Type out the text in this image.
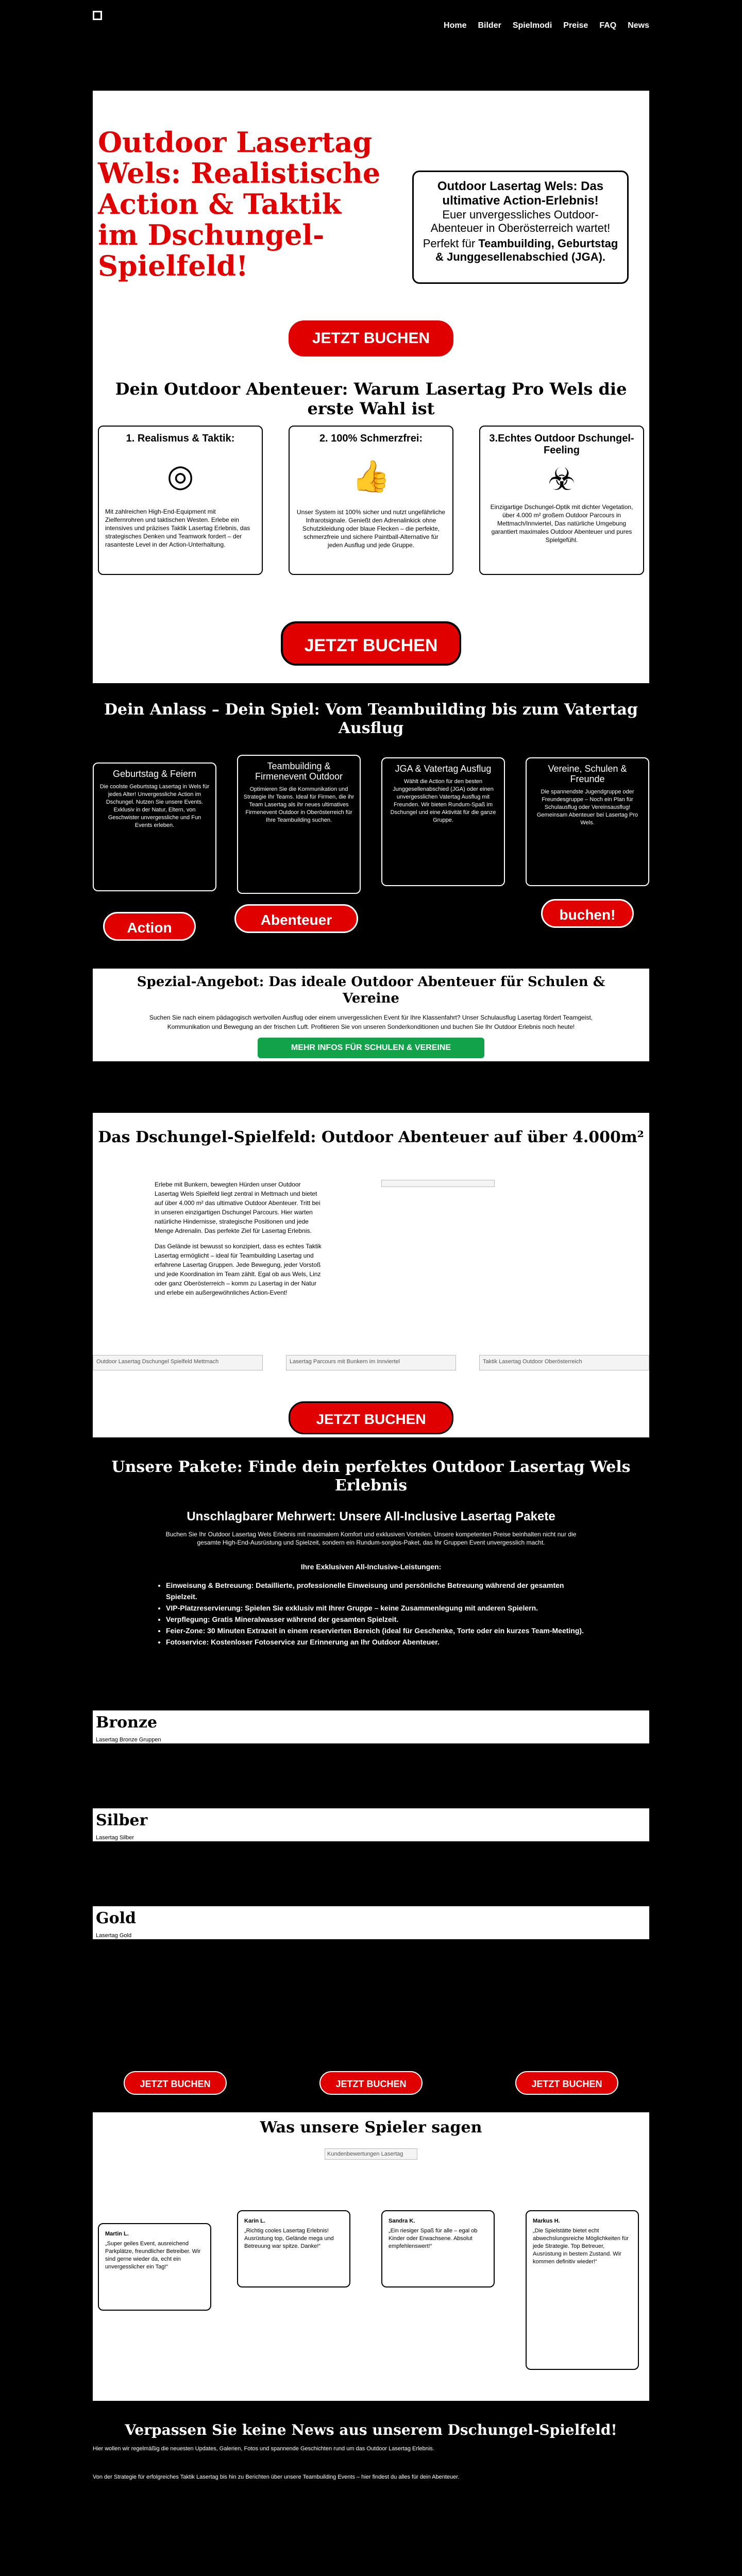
Home Bilder Spielmodi Preise FAQ News
Outdoor Lasertag Wels: Realistische Action & Taktik im Dschungel-Spielfeld!
Outdoor Lasertag Wels: Das ultimative Action-Erlebnis!
Euer unvergessliches Outdoor-Abenteuer in Oberösterreich wartet!
Perfekt für Teambuilding, Geburtstag & Junggesellenabschied (JGA).
JETZT BUCHEN
Dein Outdoor Abenteuer: Warum Lasertag Pro Wels die erste Wahl ist
1. Realismus & Taktik:
◎
Mit zahlreichen High-End-Equipment mit Zielfernrohren und taktischen Westen. Erlebe ein intensives und präzises Taktik Lasertag Erlebnis, das strategisches Denken und Teamwork fordert – der rasanteste Level in der Action-Unterhaltung.
2. 100% Schmerzfrei:
👍
Unser System ist 100% sicher und nutzt ungefährliche Infrarotsignale. Genießt den Adrenalinkick ohne Schutzkleidung oder blaue Flecken – die perfekte, schmerzfreie und sichere Paintball-Alternative für jeden Ausflug und jede Gruppe.
3.Echtes Outdoor Dschungel-Feeling
☣
Einzigartige Dschungel-Optik mit dichter Vegetation, über 4.000 m² großem Outdoor Parcours in Mettmach/Innviertel, Das natürliche Umgebung garantiert maximales Outdoor Abenteuer und pures Spielgefühl.
JETZT BUCHEN
Dein Anlass – Dein Spiel: Vom Teambuilding bis zum Vatertag Ausflug
Geburtstag & Feiern
Die coolste Geburtstag Lasertag in Wels für jedes Alter! Unvergessliche Action im Dschungel. Nutzen Sie unsere Events. Exklusiv in der Natur, Eltern, von Geschwister unvergessliche und Fun Events erleben.
Action
Teambuilding & Firmenevent Outdoor
Optimieren Sie die Kommunikation und Strategie Ihr Teams. Ideal für Firmen, die ihr Team Lasertag als ihr neues ultimatives Firmenevent Outdoor in Oberösterreich für Ihre Teambuilding suchen.
Abenteuer
JGA & Vatertag Ausflug
Wählt die Action für den besten Junggesellenabschied (JGA) oder einen unvergesslichen Vatertag Ausflug mit Freunden. Wir bieten Rundum-Spaß im Dschungel und eine Aktivität für die ganze Gruppe.
Vereine, Schulen & Freunde
Die spannendste Jugendgruppe oder Freundesgruppe – Noch ein Plan für Schulausflug oder Vereinsausflug! Gemeinsam Abenteuer bei Lasertag Pro Wels.
buchen!
Spezial-Angebot: Das ideale Outdoor Abenteuer für Schulen & Vereine

Suchen Sie nach einem pädagogisch wertvollen Ausflug oder einem unvergesslichen Event für Ihre Klassenfahrt? Unser Schulausflug Lasertag fördert Teamgeist, Kommunikation und Bewegung an der frischen Luft. Profitieren Sie von unseren Sonderkonditionen und buchen Sie Ihr Outdoor Erlebnis noch heute!

MEHR INFOS FÜR SCHULEN & VEREINE
Das Dschungel-Spielfeld: Outdoor Abenteuer auf über 4.000m²

Erlebe mit Bunkern, bewegten Hürden unser Outdoor Lasertag Wels Spielfeld liegt zentral in Mettmach und bietet auf über 4.000 m² das ultimative Outdoor Abenteuer. Tritt bei in unseren einzigartigen Dschungel Parcours. Hier warten natürliche Hindernisse, strategische Positionen und jede Menge Adrenalin. Das perfekte Ziel für Lasertag Erlebnis.

Das Gelände ist bewusst so konzipiert, dass es echtes Taktik Lasertag ermöglicht – ideal für Teambuilding Lasertag und erfahrene Lasertag Gruppen. Jede Bewegung, jeder Vorstoß und jede Koordination im Team zählt. Egal ob aus Wels, Linz oder ganz Oberösterreich – komm zu Lasertag in der Natur und erlebe ein außergewöhnliches Action-Event!

Outdoor Lasertag Dschungel Spielfeld Mettmach	Lasertag Parcours mit Bunkern im Innviertel	Taktik Lasertag Outdoor Oberösterreich
JETZT BUCHEN
Unsere Pakete: Finde dein perfektes Outdoor Lasertag Wels Erlebnis
Unschlagbarer Mehrwert: Unsere All-Inclusive Lasertag Pakete

Buchen Sie Ihr Outdoor Lasertag Wels Erlebnis mit maximalem Komfort und exklusiven Vorteilen. Unsere kompetenten Preise beinhalten nicht nur die gesamte High-End-Ausrüstung und Spielzeit, sondern ein Rundum-sorglos-Paket, das Ihr Gruppen Event unvergesslich macht.

Ihre Exklusiven All-Inclusive-Leistungen:
• Einweisung & Betreuung: Detaillierte, professionelle Einweisung und persönliche Betreuung während der gesamten Spielzeit.
• VIP-Platzreservierung: Spielen Sie exklusiv mit Ihrer Gruppe – keine Zusammenlegung mit anderen Spielern.
• Verpflegung: Gratis Mineralwasser während der gesamten Spielzeit.
• Feier-Zone: 30 Minuten Extrazeit in einem reservierten Bereich (ideal für Geschenke, Torte oder ein kurzes Team-Meeting).
• Fotoservice: Kostenloser Fotoservice zur Erinnerung an Ihr Outdoor Abenteuer.
Bronze
Lasertag Bronze Gruppen
Silber
Lasertag Silber
Gold
Lasertag Gold
JETZT BUCHEN	JETZT BUCHEN	JETZT BUCHEN
Was unsere Spieler sagen
Kundenbewertungen Lasertag
Martin L.
„Super geiles Event, ausreichend Parkplätze, freundlicher Betreiber. Wir sind gerne wieder da, echt ein unvergesslicher ein Tag!“
Karin L.
„Richtig cooles Lasertag Erlebnis! Ausrüstung top, Gelände mega und Betreuung war spitze. Danke!“
Sandra K.
„Ein riesiger Spaß für alle – egal ob Kinder oder Erwachsene. Absolut empfehlenswert!“
Markus H.
„Die Spielstätte bietet echt abwechslungsreiche Möglichkeiten für jede Strategie. Top Betreuer, Ausrüstung in bestem Zustand. Wir kommen definitiv wieder!“
Verpassen Sie keine News aus unserem Dschungel-Spielfeld!

Hier wollen wir regelmäßig die neuesten Updates, Galerien, Fotos und spannende Geschichten rund um das Outdoor Lasertag Erlebnis.

Von der Strategie für erfolgreiches Taktik Lasertag bis hin zu Berichten über unsere Teambuilding Events – hier findest du alles für dein Abenteuer.
